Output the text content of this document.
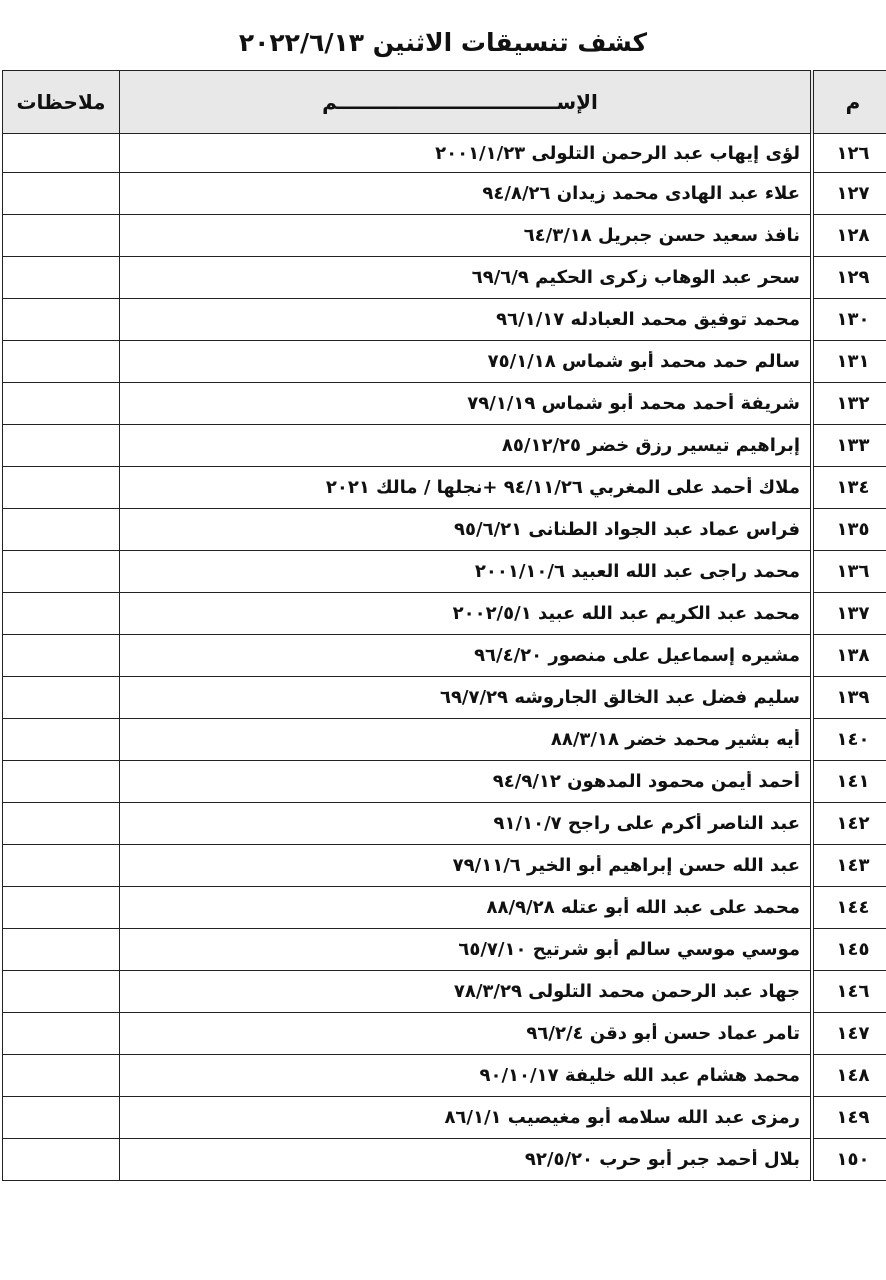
كشف تنسيقات الاثنين ٢٠٢٢/٦/١٣
م	الإســــــــــــــــــــــــــــــــم	ملاحظات
١٢٦	لؤى إيهاب عبد الرحمن التلولى ٢٠٠١/١/٢٣	

١٢٧	علاء عبد الهادى محمد زيدان ٩٤/٨/٢٦	

١٢٨	نافذ سعيد حسن جبريل ٦٤/٣/١٨	

١٢٩	سحر عبد الوهاب زكرى الحكيم ٦٩/٦/٩	

١٣٠	محمد توفيق محمد العبادله ٩٦/١/١٧	

١٣١	سالم حمد محمد أبو شماس ٧٥/١/١٨	

١٣٢	شريفة أحمد محمد أبو شماس ٧٩/١/١٩	

١٣٣	إبراهيم تيسير رزق خضر ٨٥/١٢/٢٥	

١٣٤	ملاك أحمد على المغربي ٩٤/١١/٢٦ +نجلها / مالك ٢٠٢١	

١٣٥	فراس عماد عبد الجواد الطنانى ٩٥/٦/٢١	

١٣٦	محمد راجى عبد الله العبيد ٢٠٠١/١٠/٦	

١٣٧	محمد عبد الكريم عبد الله عبيد ٢٠٠٢/٥/١	

١٣٨	مشيره إسماعيل على منصور ٩٦/٤/٢٠	

١٣٩	سليم فضل عبد الخالق الجاروشه ٦٩/٧/٢٩	

١٤٠	أيه بشير محمد خضر ٨٨/٣/١٨	

١٤١	أحمد أيمن محمود المدهون ٩٤/٩/١٢	

١٤٢	عبد الناصر أكرم على راجح ٩١/١٠/٧	

١٤٣	عبد الله حسن إبراهيم أبو الخير ٧٩/١١/٦	

١٤٤	محمد على عبد الله أبو عتله ٨٨/٩/٢٨	

١٤٥	موسي موسي سالم أبو شرتيح ٦٥/٧/١٠	

١٤٦	جهاد عبد الرحمن محمد التلولى ٧٨/٣/٢٩	

١٤٧	تامر عماد حسن أبو دقن ٩٦/٢/٤	

١٤٨	محمد هشام عبد الله خليفة ٩٠/١٠/١٧	

١٤٩	رمزى عبد الله سلامه أبو مغيصيب ٨٦/١/١	

١٥٠	بلال أحمد جبر أبو حرب ٩٢/٥/٢٠	
